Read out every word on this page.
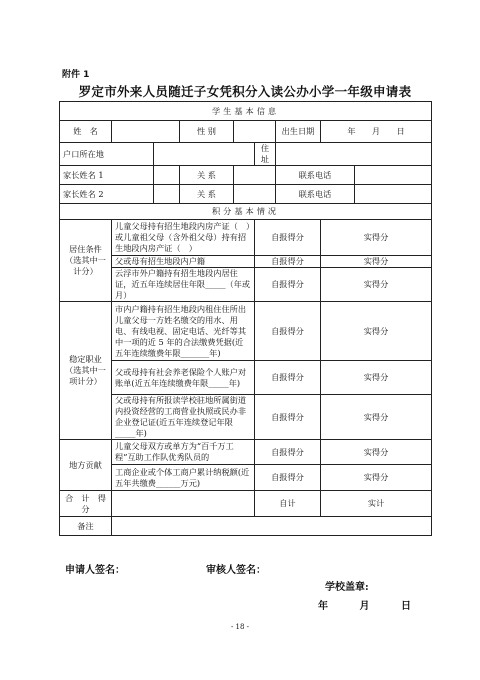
附件 1
罗定市外来人员随迁子女凭积分入读公办小学一年级申请表
学生基本信息								
姓　名			性 别			出生日期	年　　月　　日	
户口所在地					住 址			
家长姓名 1			关 系			联系电话		
家长姓名 2			关 系			联系电话		
积分基本情况								
居住条件（选其中一计分）	儿童父母持有招生地段内房产证（　）或儿童祖父母（含外祖父母）持有招生地段内房产证（　）				自报得分		实得分	
	父或母有招生地段内户籍				自报得分		实得分	
	云浮市外户籍持有招生地段内居住证，近五年连续居住年限_____（年或月）				自报得分		实得分	
稳定职业（选其中一项计分）	市内户籍持有招生地段内租住住所出儿童父母一方姓名缴交的用水、用电、有线电视、固定电话、光纤等其中一项的近 5 年的合法缴费凭据(近五年连续缴费年限_______年)				自报得分		实得分	
	父或母持有社会养老保险个人账户对账单(近五年连续缴费年限_____年)				自报得分		实得分	
	父或母持有所报读学校驻地所属街道内投资经营的工商营业执照或民办非企业登记证(近五年连续登记年限_____年)				自报得分		实得分	
地方贡献	儿童父母双方或单方为“百千万工程”互助工作队优秀队员的				自报得分		实得分	
	工商企业或个体工商户累计纳税额(近五年共缴费______万元)				自报得分		实得分	
合　计　得　分					自计		实计	
备注								
申请人签名：	审核人签名：
学校盖章:
年 月 日
- 18 -
